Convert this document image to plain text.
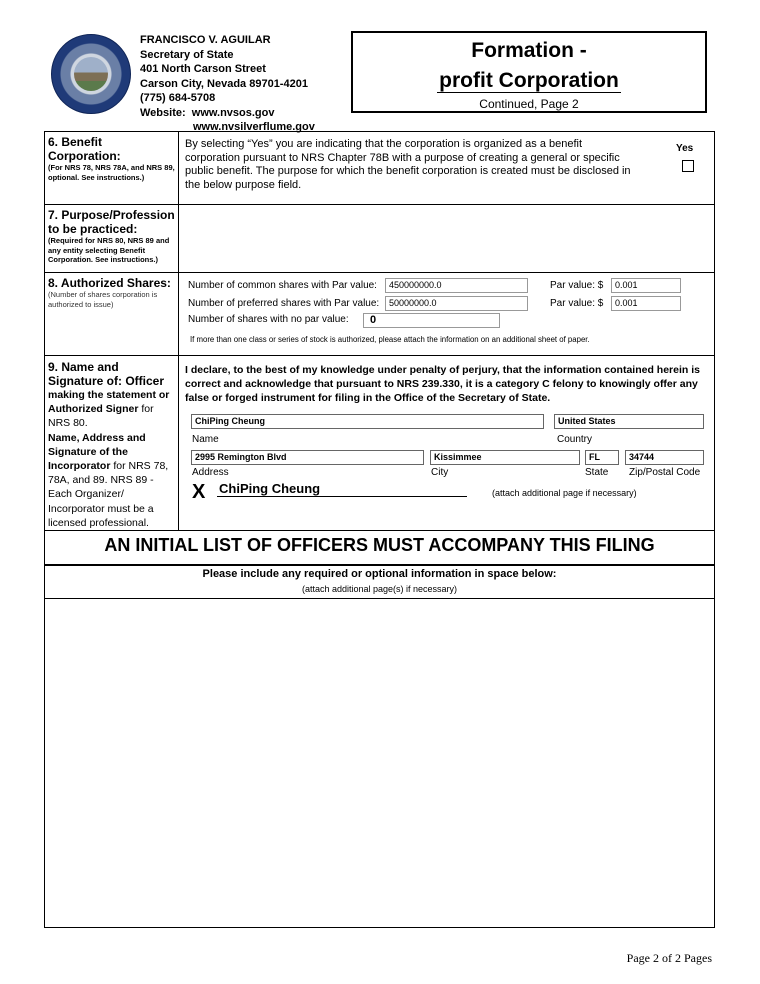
FRANCISCO V. AGUILAR
Secretary of State
401 North Carson Street
Carson City, Nevada 89701-4201
(775) 684-5708
Website: www.nvsos.gov
www.nvsilverflume.gov
Formation -
profit Corporation
Continued, Page 2
6. Benefit Corporation:
(For NRS 78, NRS 78A, and NRS 89, optional. See instructions.)
By selecting “Yes” you are indicating that the corporation is organized as a benefit corporation pursuant to NRS Chapter 78B with a purpose of creating a general or specific public benefit. The purpose for which the benefit corporation is created must be disclosed in the below purpose field.
Yes
7. Purpose/Profession to be practiced:
(Required for NRS 80, NRS 89 and any entity selecting Benefit Corporation. See instructions.)
8. Authorized Shares:
(Number of shares corporation is authorized to issue)
Number of common shares with Par value:	450000000.0	Par value: $	0.001
Number of preferred shares with Par value:	50000000.0	Par value: $	0.001
Number of shares with no par value:	0
If more than one class or series of stock is authorized, please attach the information on an additional sheet of paper.
9. Name and
Signature of: Officer
making the statement or
Authorized Signer for
NRS 80.
Name, Address and
Signature of the
Incorporator for NRS 78,
78A, and 89. NRS 89 -
Each Organizer/
Incorporator must be a
licensed professional.
I declare, to the best of my knowledge under penalty of perjury, that the information contained herein is correct and acknowledge that pursuant to NRS 239.330, it is a category C felony to knowingly offer any false or forged instrument for filing in the Office of the Secretary of State.
ChiPing Cheung	United States
Name	Country
2995 Remington Blvd	Kissimmee	FL	34744
Address	City	State Zip/Postal Code
X ChiPing Cheung	(attach additional page if necessary)
AN INITIAL LIST OF OFFICERS MUST ACCOMPANY THIS FILING
Please include any required or optional information in space below:
(attach additional page(s) if necessary)
Page 2 of 2 Pages
